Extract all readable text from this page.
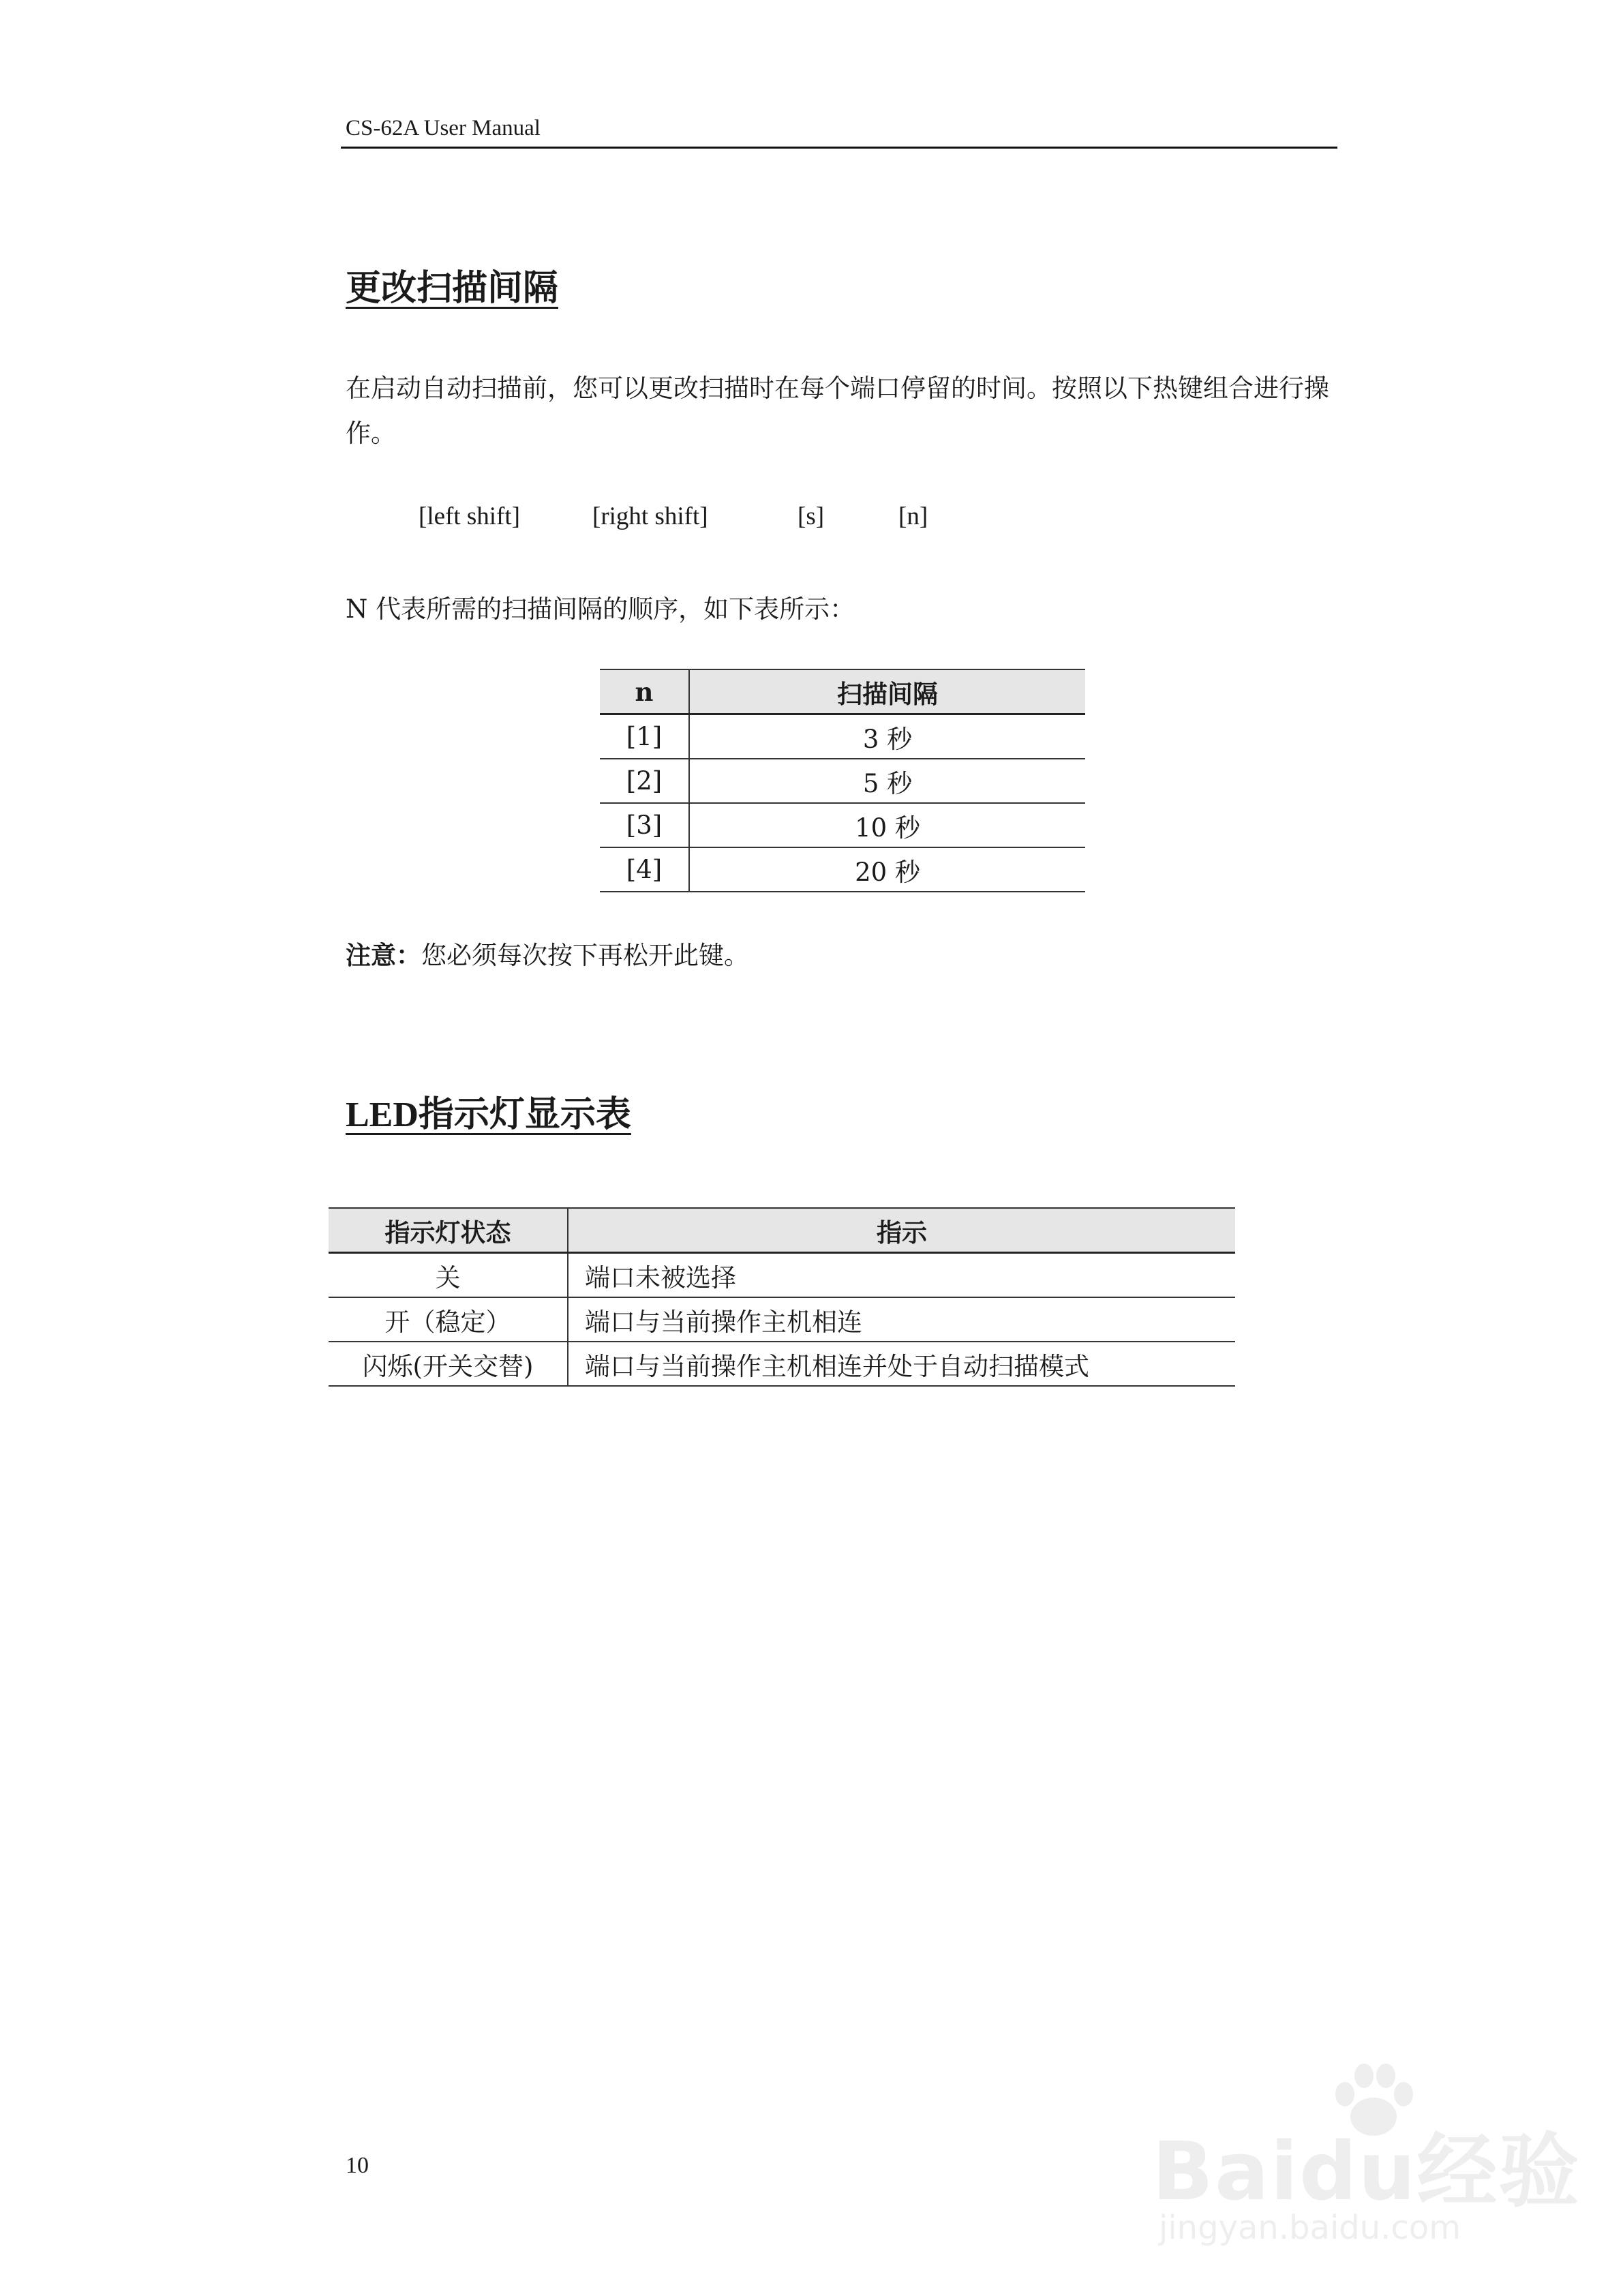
CS-62A User Manual
更改扫描间隔
在启动自动扫描前，您可以更改扫描时在每个端口停留的时间。按照以下热键组合进行操作。
[left shift]	[right shift]	[s]	[n]
N 代表所需的扫描间隔的顺序，如下表所示：
n	扫描间隔
[1]	3 秒
[2]	5 秒
[3]	10 秒
[4]	20 秒
注意：您必须每次按下再松开此键。
LED指示灯显示表
指示灯状态	指示
关	端口未被选择
开（稳定）	端口与当前操作主机相连
闪烁(开关交替)	端口与当前操作主机相连并处于自动扫描模式
10	Baidu经验
jingyan.baidu.com
